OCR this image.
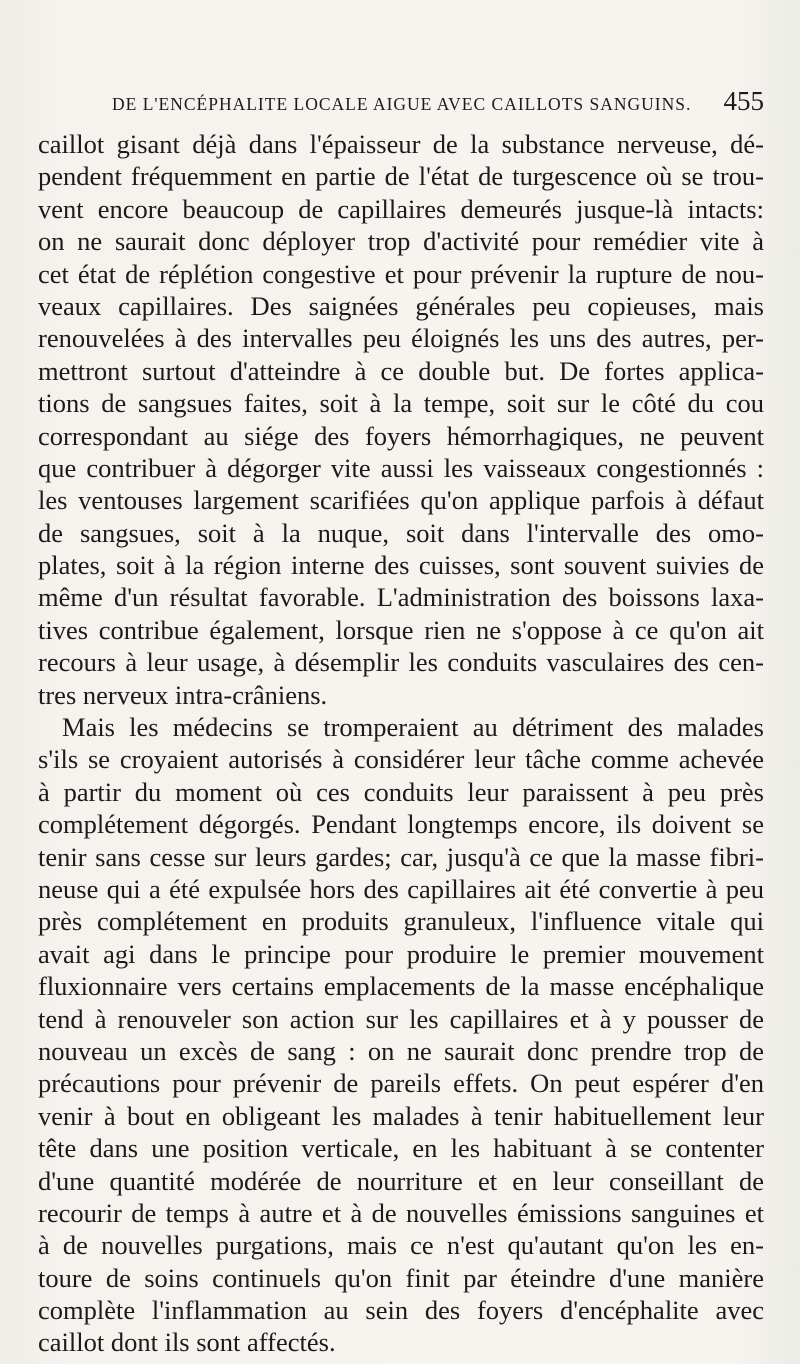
DE L'ENCÉPHALITE LOCALE AIGUE AVEC CAILLOTS SANGUINS. 455
caillot gisant déjà dans l'épaisseur de la substance nerveuse, dé-
pendent fréquemment en partie de l'état de turgescence où se trou-
vent encore beaucoup de capillaires demeurés jusque-là intacts:
on ne saurait donc déployer trop d'activité pour remédier vite à
cet état de réplétion congestive et pour prévenir la rupture de nou-
veaux capillaires. Des saignées générales peu copieuses, mais
renouvelées à des intervalles peu éloignés les uns des autres, per-
mettront surtout d'atteindre à ce double but. De fortes applica-
tions de sangsues faites, soit à la tempe, soit sur le côté du cou
correspondant au siége des foyers hémorrhagiques, ne peuvent
que contribuer à dégorger vite aussi les vaisseaux congestionnés :
les ventouses largement scarifiées qu'on applique parfois à défaut
de sangsues, soit à la nuque, soit dans l'intervalle des omo-
plates, soit à la région interne des cuisses, sont souvent suivies de
même d'un résultat favorable. L'administration des boissons laxa-
tives contribue également, lorsque rien ne s'oppose à ce qu'on ait
recours à leur usage, à désemplir les conduits vasculaires des cen-
tres nerveux intra-crâniens.
Mais les médecins se tromperaient au détriment des malades
s'ils se croyaient autorisés à considérer leur tâche comme achevée
à partir du moment où ces conduits leur paraissent à peu près
complétement dégorgés. Pendant longtemps encore, ils doivent se
tenir sans cesse sur leurs gardes; car, jusqu'à ce que la masse fibri-
neuse qui a été expulsée hors des capillaires ait été convertie à peu
près complétement en produits granuleux, l'influence vitale qui
avait agi dans le principe pour produire le premier mouvement
fluxionnaire vers certains emplacements de la masse encéphalique
tend à renouveler son action sur les capillaires et à y pousser de
nouveau un excès de sang : on ne saurait donc prendre trop de
précautions pour prévenir de pareils effets. On peut espérer d'en
venir à bout en obligeant les malades à tenir habituellement leur
tête dans une position verticale, en les habituant à se contenter
d'une quantité modérée de nourriture et en leur conseillant de
recourir de temps à autre et à de nouvelles émissions sanguines et
à de nouvelles purgations, mais ce n'est qu'autant qu'on les en-
toure de soins continuels qu'on finit par éteindre d'une manière
complète l'inflammation au sein des foyers d'encéphalite avec
caillot dont ils sont affectés.
